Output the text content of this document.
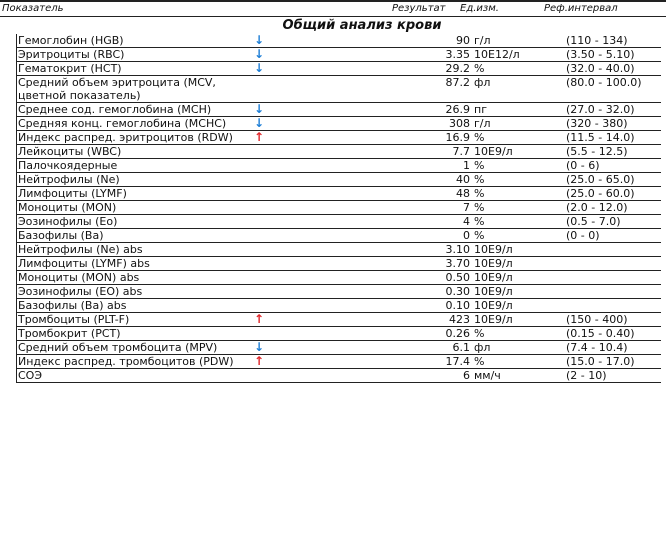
Показатель	Результат Ед.изм.	Реф.интервал
Общий анализ крови
Гемоглобин (HGB)	↓	90	г/л	(110 - 134)
Эритроциты (RBC)	↓	3.35	10E12/л	(3.50 - 5.10)
Гематокрит (HCT)	↓	29.2	%	(32.0 - 40.0)
Средний объем эритроцита (MCV, цветной показатель)		87.2	фл	(80.0 - 100.0)
Среднее сод. гемоглобина (MCH)	↓	26.9	пг	(27.0 - 32.0)
Средняя конц. гемоглобина (MCHC)	↓	308	г/л	(320 - 380)
Индекс распред. эритроцитов (RDW)	↑	16.9	%	(11.5 - 14.0)
Лейкоциты (WBC)		7.7	10E9/л	(5.5 - 12.5)
Палочкоядерные		1	%	(0 - 6)
Нейтрофилы (Ne)		40	%	(25.0 - 65.0)
Лимфоциты (LYMF)		48	%	(25.0 - 60.0)
Моноциты (MON)		7	%	(2.0 - 12.0)
Эозинофилы (Eo)		4	%	(0.5 - 7.0)
Базофилы (Ba)		0	%	(0 - 0)
Нейтрофилы (Ne) abs		3.10	10E9/л	
Лимфоциты (LYMF) abs		3.70	10E9/л	
Моноциты (MON) abs		0.50	10E9/л	
Эозинофилы (EO) abs		0.30	10E9/л	
Базофилы (Ba) abs		0.10	10E9/л	
Тромбоциты (PLT-F)	↑	423	10E9/л	(150 - 400)
Тромбокрит (PCT)		0.26	%	(0.15 - 0.40)
Средний объем тромбоцита (MPV)	↓	6.1	фл	(7.4 - 10.4)
Индекс распред. тромбоцитов (PDW)	↑	17.4	%	(15.0 - 17.0)
СОЭ		6	мм/ч	(2 - 10)
